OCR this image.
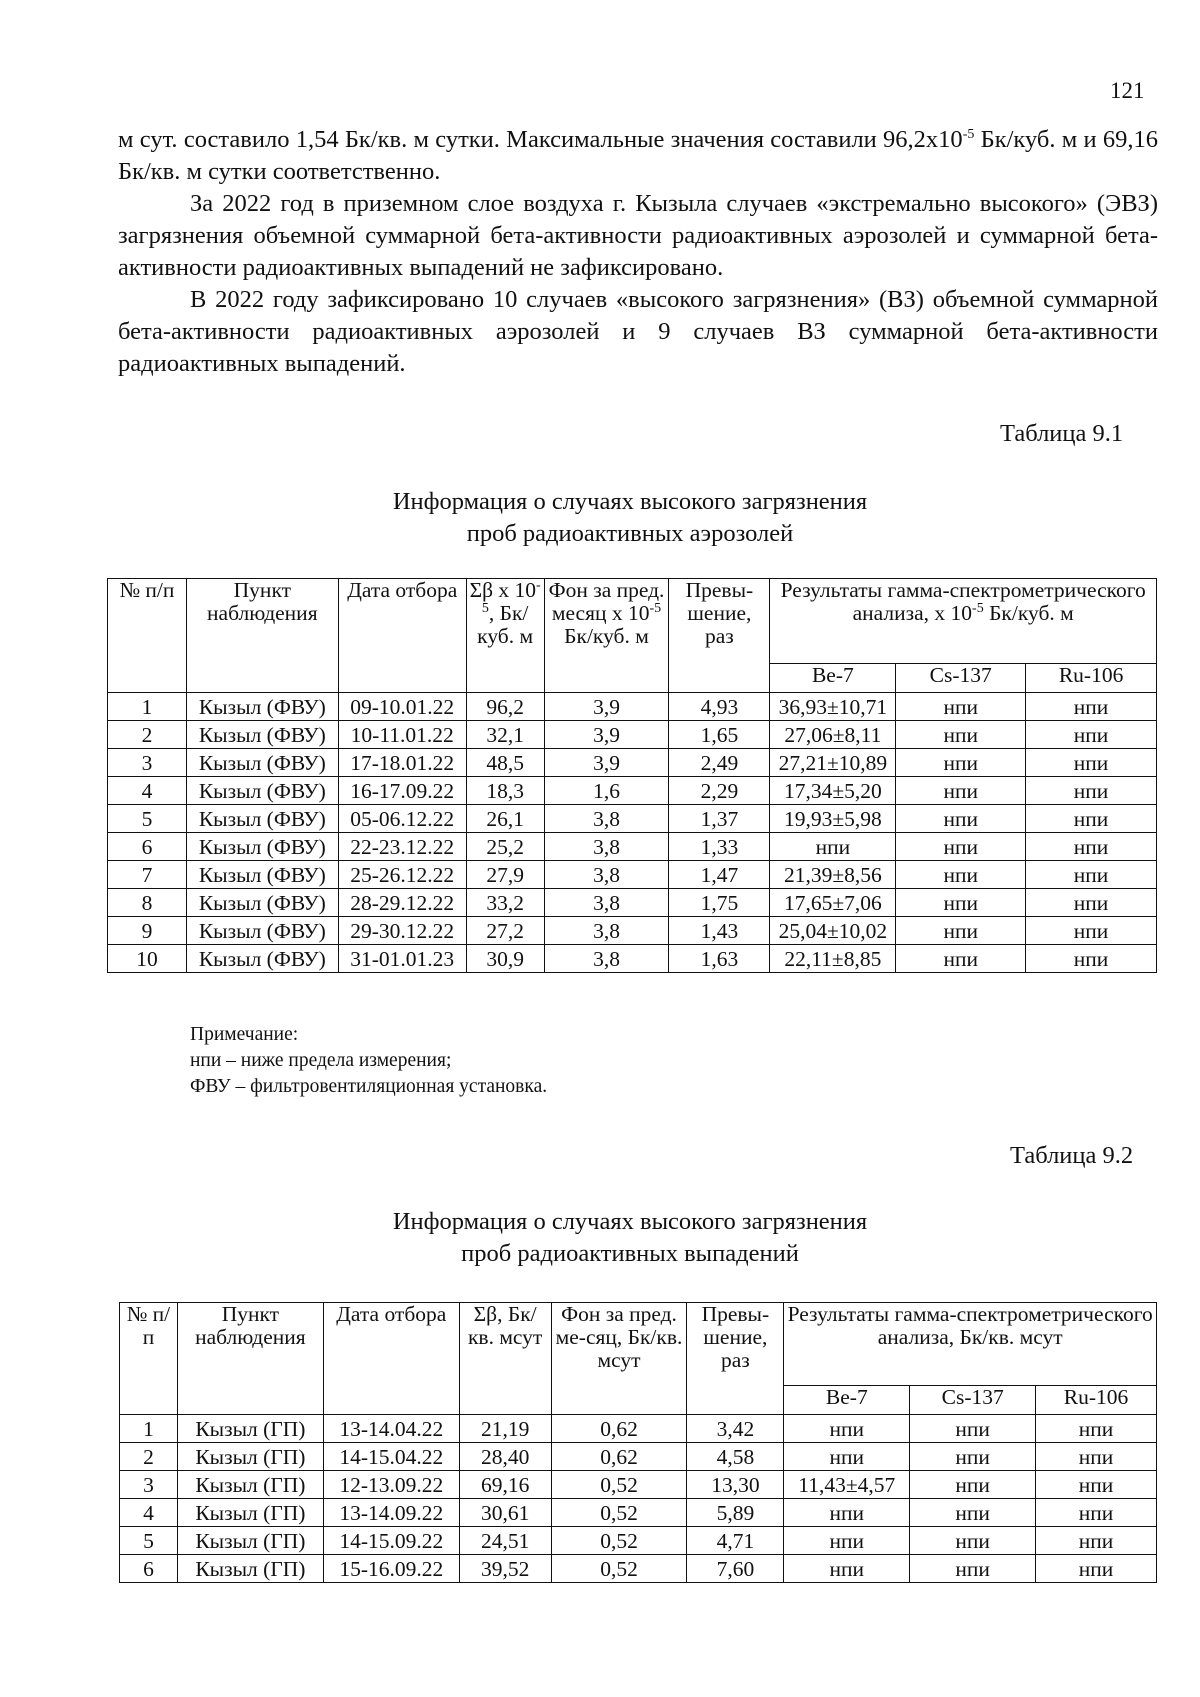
121

м сут. составило 1,54 Бк/кв. м сутки. Максимальные значения составили $96,2х10^{-5}$ Бк/куб. м и 69,16 Бк/кв. м сутки соответственно.

За 2022 год в приземном слое воздуха г. Кызыла случаев «экстремально высокого» (ЭВЗ) загрязнения объемной суммарной бета-активности радиоактивных аэрозолей и суммарной бета-активности радиоактивных выпадений не зафиксировано.

В 2022 году зафиксировано 10 случаев «высокого загрязнения» (ВЗ) объемной суммарной бета-активности радиоактивных аэрозолей и 9 случаев ВЗ суммарной бета-активности радиоактивных выпадений.

Таблица 9.1
Информация о случаях высокого загрязнения
проб радиоактивных аэрозолей
№ п/п	Пункт наблюдения	Дата отбора	Σβ х $10^{-5}$, Бк/куб. м	Фон за пред. месяц х $10^{-5}$ Бк/куб. м	Превы-шение, раз	Результаты гамма-спектрометрического анализа, х $10^{-5}$ Бк/куб. м		
						Be-7	Cs-137	Ru-106
1	Кызыл (ФВУ)	09-10.01.22	96,2	3,9	4,93	36,93±10,71	нпи	нпи
2	Кызыл (ФВУ)	10-11.01.22	32,1	3,9	1,65	27,06±8,11	нпи	нпи
3	Кызыл (ФВУ)	17-18.01.22	48,5	3,9	2,49	27,21±10,89	нпи	нпи
4	Кызыл (ФВУ)	16-17.09.22	18,3	1,6	2,29	17,34±5,20	нпи	нпи
5	Кызыл (ФВУ)	05-06.12.22	26,1	3,8	1,37	19,93±5,98	нпи	нпи
6	Кызыл (ФВУ)	22-23.12.22	25,2	3,8	1,33	нпи	нпи	нпи
7	Кызыл (ФВУ)	25-26.12.22	27,9	3,8	1,47	21,39±8,56	нпи	нпи
8	Кызыл (ФВУ)	28-29.12.22	33,2	3,8	1,75	17,65±7,06	нпи	нпи
9	Кызыл (ФВУ)	29-30.12.22	27,2	3,8	1,43	25,04±10,02	нпи	нпи
10	Кызыл (ФВУ)	31-01.01.23	30,9	3,8	1,63	22,11±8,85	нпи	нпи
Примечание:
нпи – ниже предела измерения;
ФВУ – фильтровентиляционная установка.
Таблица 9.2
Информация о случаях высокого загрязнения
проб радиоактивных выпадений
№ п/п	Пункт наблюдения	Дата отбора	Σβ, Бк/кв. мсут	Фон за пред. ме-сяц, Бк/кв. мсут	Превы-шение, раз	Результаты гамма-спектрометрического анализа, Бк/кв. мсут		
						Be-7	Cs-137	Ru-106
1	Кызыл (ГП)	13-14.04.22	21,19	0,62	3,42	нпи	нпи	нпи
2	Кызыл (ГП)	14-15.04.22	28,40	0,62	4,58	нпи	нпи	нпи
3	Кызыл (ГП)	12-13.09.22	69,16	0,52	13,30	11,43±4,57	нпи	нпи
4	Кызыл (ГП)	13-14.09.22	30,61	0,52	5,89	нпи	нпи	нпи
5	Кызыл (ГП)	14-15.09.22	24,51	0,52	4,71	нпи	нпи	нпи
6	Кызыл (ГП)	15-16.09.22	39,52	0,52	7,60	нпи	нпи	нпи
